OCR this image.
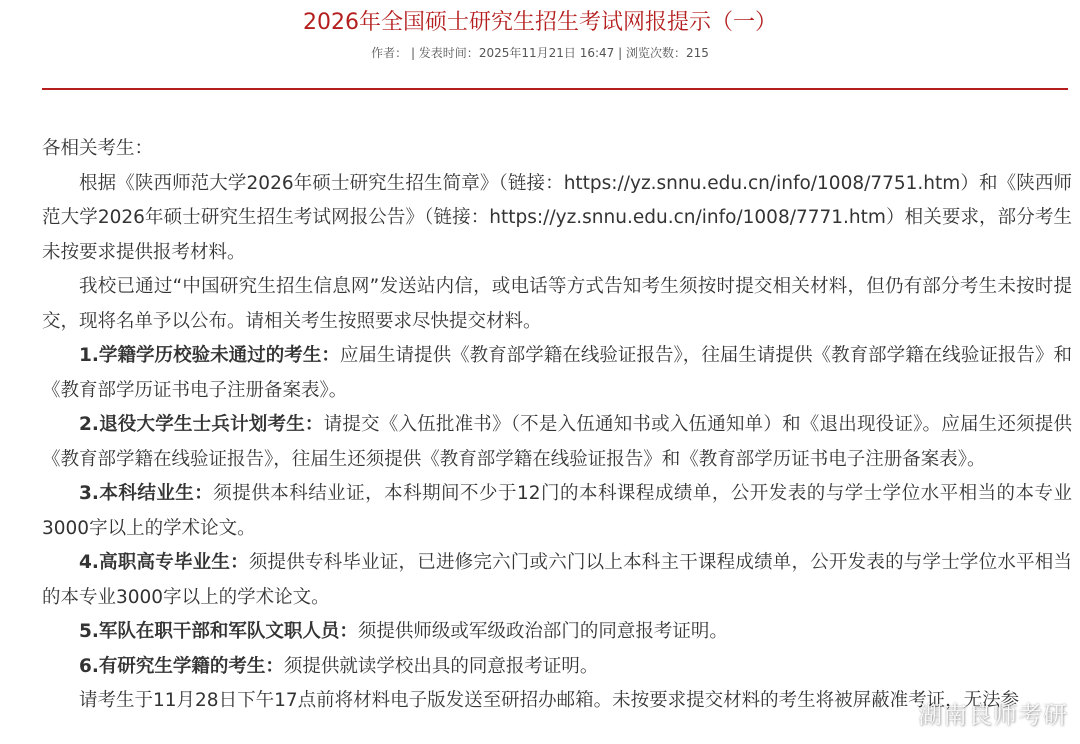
2026年全国硕士研究生招生考试网报提示（一）
作者： | 发表时间：2025年11月21日 16:47 | 浏览次数：215

各相关考生：

根据《陕西师范大学2026年硕士研究生招生简章》（链接：https://yz.snnu.edu.cn/info/1008/7751.htm）和《陕西师范大学2026年硕士研究生招生考试网报公告》（链接：https://yz.snnu.edu.cn/info/1008/7771.htm）相关要求，部分考生未按要求提供报考材料。

我校已通过“中国研究生招生信息网”发送站内信，或电话等方式告知考生须按时提交相关材料，但仍有部分考生未按时提交，现将名单予以公布。请相关考生按照要求尽快提交材料。

1.学籍学历校验未通过的考生：应届生请提供《教育部学籍在线验证报告》，往届生请提供《教育部学籍在线验证报告》和《教育部学历证书电子注册备案表》。

2.退役大学生士兵计划考生：请提交《入伍批准书》（不是入伍通知书或入伍通知单）和《退出现役证》。应届生还须提供《教育部学籍在线验证报告》，往届生还须提供《教育部学籍在线验证报告》和《教育部学历证书电子注册备案表》。

3.本科结业生：须提供本科结业证，本科期间不少于12门的本科课程成绩单，公开发表的与学士学位水平相当的本专业3000字以上的学术论文。

4.高职高专毕业生：须提供专科毕业证，已进修完六门或六门以上本科主干课程成绩单，公开发表的与学士学位水平相当的本专业3000字以上的学术论文。

5.军队在职干部和军队文职人员：须提供师级或军级政治部门的同意报考证明。

6.有研究生学籍的考生：须提供就读学校出具的同意报考证明。

请考生于11月28日下午17点前将材料电子版发送至研招办邮箱。未按要求提交材料的考生将被屏蔽准考证，无法参

湖南良师考研
